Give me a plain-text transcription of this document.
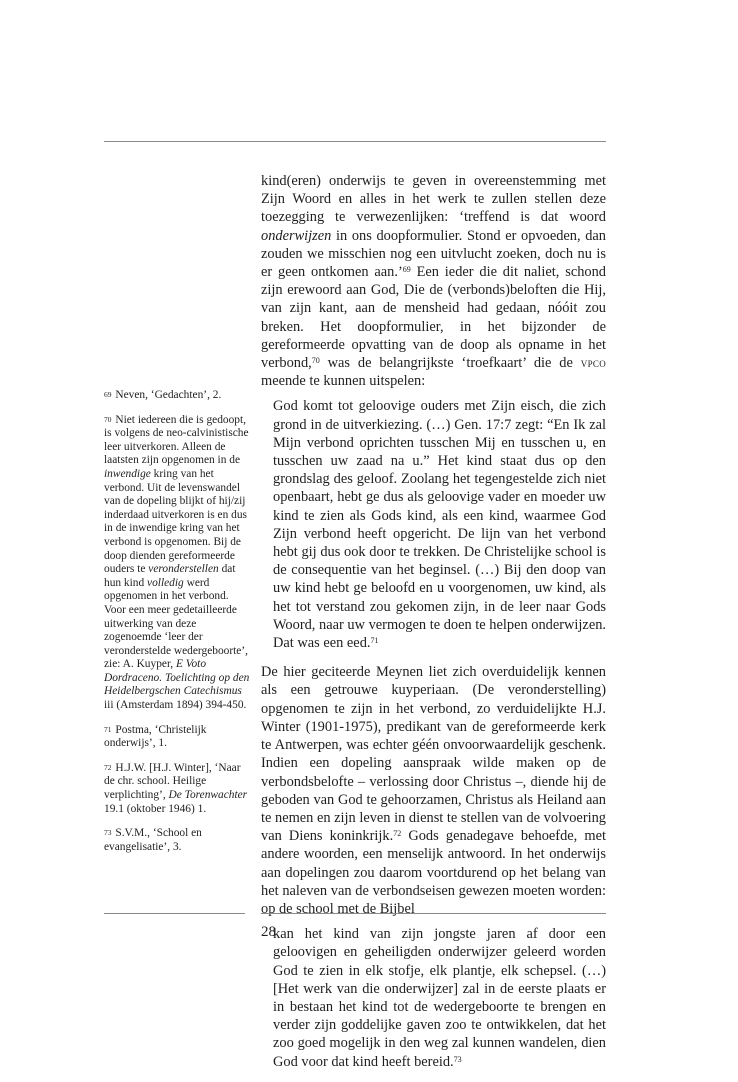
kind(eren) onderwijs te geven in overeenstemming met Zijn Woord en alles in het werk te zullen stellen deze toezegging te verwezenlijken: ‘treffend is dat woord onderwijzen in ons doopformulier. Stond er opvoeden, dan zouden we misschien nog een uitvlucht zoeken, doch nu is er geen ontkomen aan.’$^{69}$ Een ieder die dit naliet, schond zijn erewoord aan God, Die de (verbonds)beloften die Hij, van zijn kant, aan de mensheid had gedaan, nóóit zou breken. Het doopformulier, in het bijzonder de gereformeerde opvatting van de doop als opname in het verbond,$^{70}$ was de belangrijkste ‘troefkaart’ die de vpco meende te kunnen uitspelen:

God komt tot geloovige ouders met Zijn eisch, die zich grond in de uitverkiezing. (…) Gen. 17:7 zegt: “En Ik zal Mijn verbond oprichten tusschen Mij en tusschen u, en tusschen uw zaad na u.” Het kind staat dus op den grondslag des geloof. Zoolang het tegengestelde zich niet openbaart, hebt ge dus als geloovige vader en moeder uw kind te zien als Gods kind, als een kind, waarmee God Zijn verbond heeft opgericht. De lijn van het verbond hebt gij dus ook door te trekken. De Christelijke school is de consequentie van het beginsel. (…) Bij den doop van uw kind hebt ge beloofd en u voorgenomen, uw kind, als het tot verstand zou gekomen zijn, in de leer naar Gods Woord, naar uw vermogen te doen te helpen onderwijzen. Dat was een eed.$^{71}$

De hier geciteerde Meynen liet zich overduidelijk kennen als een getrouwe kuyperiaan. (De veronderstelling) opgenomen te zijn in het verbond, zo verduidelijkte H.J. Winter (1901-1975), predikant van de gereformeerde kerk te Antwerpen, was echter géén onvoorwaardelijk geschenk. Indien een dopeling aanspraak wilde maken op de verbondsbelofte – verlossing door Christus –, diende hij de geboden van God te gehoorzamen, Christus als Heiland aan te nemen en zijn leven in dienst te stellen van de volvoering van Diens koninkrijk.$^{72}$ Gods genadegave behoefde, met andere woorden, een menselijk antwoord. In het onderwijs aan dopelingen zou daarom voortdurend op het belang van het naleven van de verbondseisen gewezen moeten worden: op de school met de Bijbel

kan het kind van zijn jongste jaren af door een geloovigen en geheiligden onderwijzer geleerd worden God te zien in elk stofje, elk plantje, elk schepsel. (…) [Het werk van die onderwijzer] zal in de eerste plaats er in bestaan het kind tot de wedergeboorte te brengen en verder zijn goddelijke gaven zoo te ontwikkelen, dat het zoo goed mogelijk in den weg zal kunnen wandelen, dien God voor dat kind heeft bereid.$^{73}$

$^{69}$ Neven, ‘Gedachten’, 2.

$^{70}$ Niet iedereen die is gedoopt, is volgens de neo-calvinistische leer uitverkoren. Alleen de laatsten zijn opgenomen in de inwendige kring van het verbond. Uit de levenswandel van de dopeling blijkt of hij/zij inderdaad uitverkoren is en dus in de inwendige kring van het verbond is opgenomen. Bij de doop dienden gereformeerde ouders te veronderstellen dat hun kind volledig werd opgenomen in het verbond. Voor een meer gedetailleerde uitwerking van deze zogenoemde ‘leer der veronderstelde wedergeboorte’, zie: A. Kuyper, E Voto Dordraceno. Toelichting op den Heidelbergschen Catechismus iii (Amsterdam 1894) 394-450.

$^{71}$ Postma, ‘Christelijk onderwijs’, 1.

$^{72}$ H.J.W. [H.J. Winter], ‘Naar de chr. school. Heilige verplichting’, De Torenwachter 19.1 (oktober 1946) 1.

$^{73}$ S.V.M., ‘School en evangelisatie’, 3.

28
